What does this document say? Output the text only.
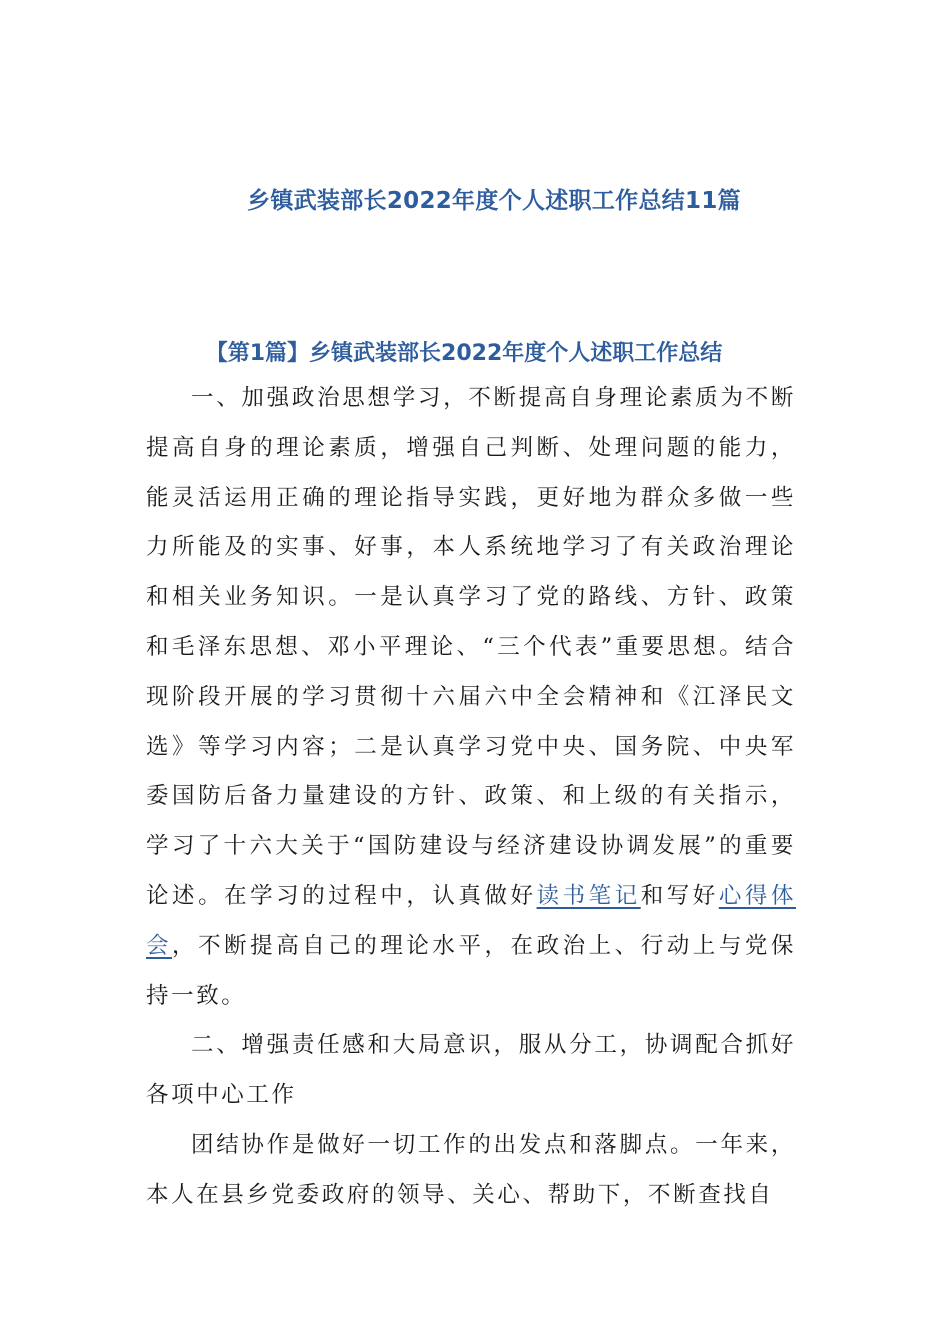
乡镇武装部长2022年度个人述职工作总结11篇
【第1篇】乡镇武装部长2022年度个人述职工作总结

一、加强政治思想学习，不断提高自身理论素质为不断提高自身的理论素质，增强自己判断、处理问题的能力，能灵活运用正确的理论指导实践，更好地为群众多做一些力所能及的实事、好事，本人系统地学习了有关政治理论和相关业务知识。一是认真学习了党的路线、方针、政策和毛泽东思想、邓小平理论、“三个代表”重要思想。结合现阶段开展的学习贯彻十六届六中全会精神和《江泽民文选》等学习内容；二是认真学习党中央、国务院、中央军委国防后备力量建设的方针、政策、和上级的有关指示，学习了十六大关于“国防建设与经济建设协调发展”的重要论述。在学习的过程中，认真做好读书笔记和写好心得体会，不断提高自己的理论水平，在政治上、行动上与党保持一致。

二、增强责任感和大局意识，服从分工，协调配合抓好各项中心工作

团结协作是做好一切工作的出发点和落脚点。一年来，本人在县乡党委政府的领导、关心、帮助下，不断查找自
